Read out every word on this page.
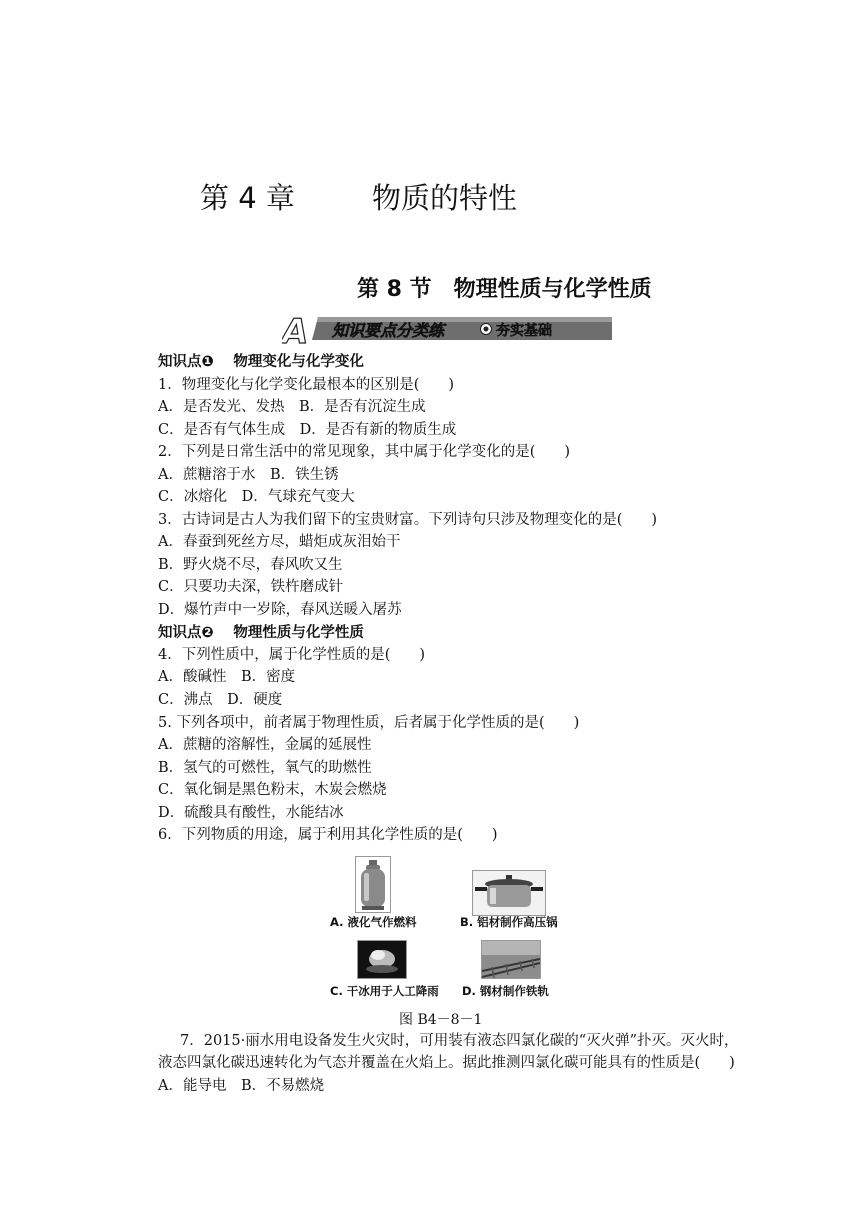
第 4 章	物质的特性
第 8 节　物理性质与化学性质
A 知识要点分类练	夯实基础
知识点❶　 物理变化与化学变化
1．物理变化与化学变化最根本的区别是(　　)
A．是否发光、发热　B．是否有沉淀生成
C．是否有气体生成　D．是否有新的物质生成
2．下列是日常生活中的常见现象，其中属于化学变化的是(　　)
A．蔗糖溶于水　B．铁生锈
C．冰熔化　D．气球充气变大
3．古诗词是古人为我们留下的宝贵财富。下列诗句只涉及物理变化的是(　　)
A．春蚕到死丝方尽，蜡炬成灰泪始干
B．野火烧不尽，春风吹又生
C．只要功夫深，铁杵磨成针
D．爆竹声中一岁除，春风送暖入屠苏
知识点❷　 物理性质与化学性质
4．下列性质中，属于化学性质的是(　　)
A．酸碱性　B．密度
C．沸点　D．硬度
5. 下列各项中，前者属于物理性质，后者属于化学性质的是(　　)
A．蔗糖的溶解性，金属的延展性
B．氢气的可燃性，氧气的助燃性
C．氧化铜是黑色粉末，木炭会燃烧
D．硫酸具有酸性，水能结冰
6．下列物质的用途，属于利用其化学性质的是(　　)
A. 液化气作燃料	B. 铝材制作高压锅
C. 干冰用于人工降雨 D. 钢材制作铁轨
图 B4－8－1
7．2015·丽水用电设备发生火灾时，可用装有液态四氯化碳的“灭火弹”扑灭。灭火时，
液态四氯化碳迅速转化为气态并覆盖在火焰上。据此推测四氯化碳可能具有的性质是(　　)
A．能导电　B．不易燃烧
